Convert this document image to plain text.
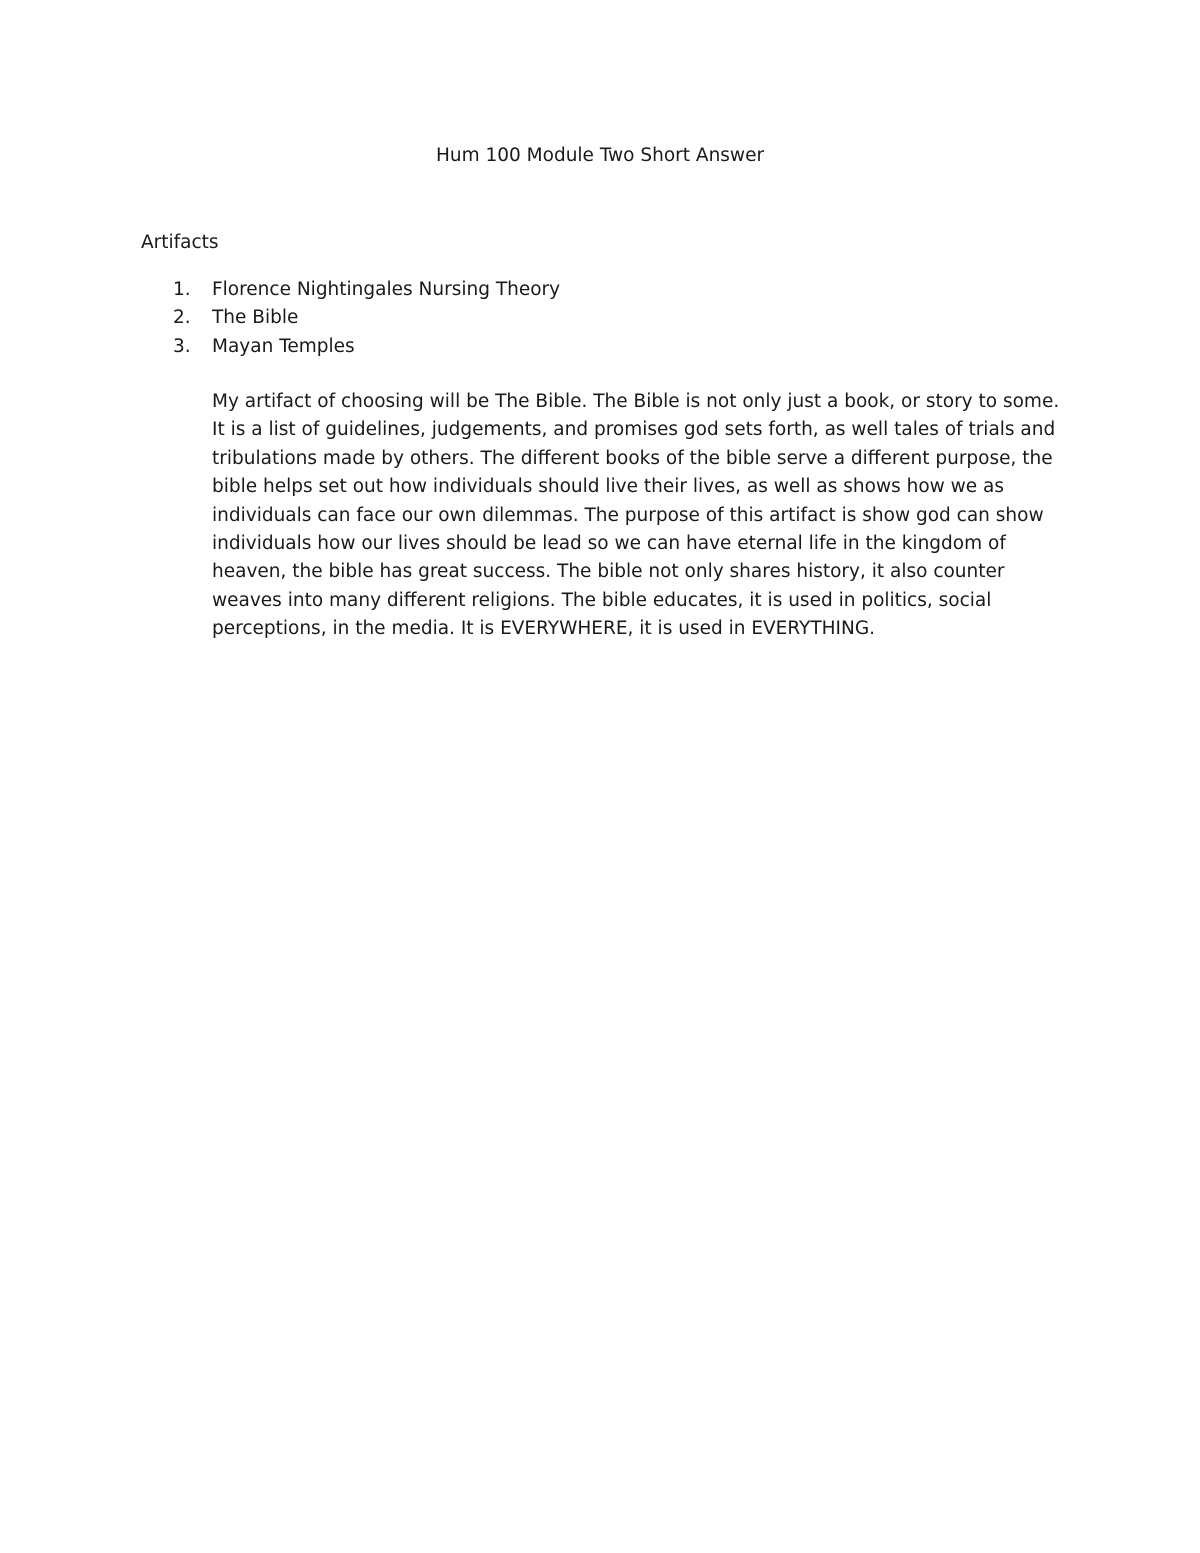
Hum 100 Module Two Short Answer
Artifacts
1. Florence Nightingales Nursing Theory
2. The Bible
3. Mayan Temples

My artifact of choosing will be The Bible. The Bible is not only just a book, or story to some. It is a list of guidelines, judgements, and promises god sets forth, as well tales of trials and tribulations made by others. The different books of the bible serve a different purpose, the bible helps set out how individuals should live their lives, as well as shows how we as individuals can face our own dilemmas. The purpose of this artifact is show god can show individuals how our lives should be lead so we can have eternal life in the kingdom of heaven, the bible has great success. The bible not only shares history, it also counter weaves into many different religions. The bible educates, it is used in politics, social perceptions, in the media. It is EVERYWHERE, it is used in EVERYTHING.
